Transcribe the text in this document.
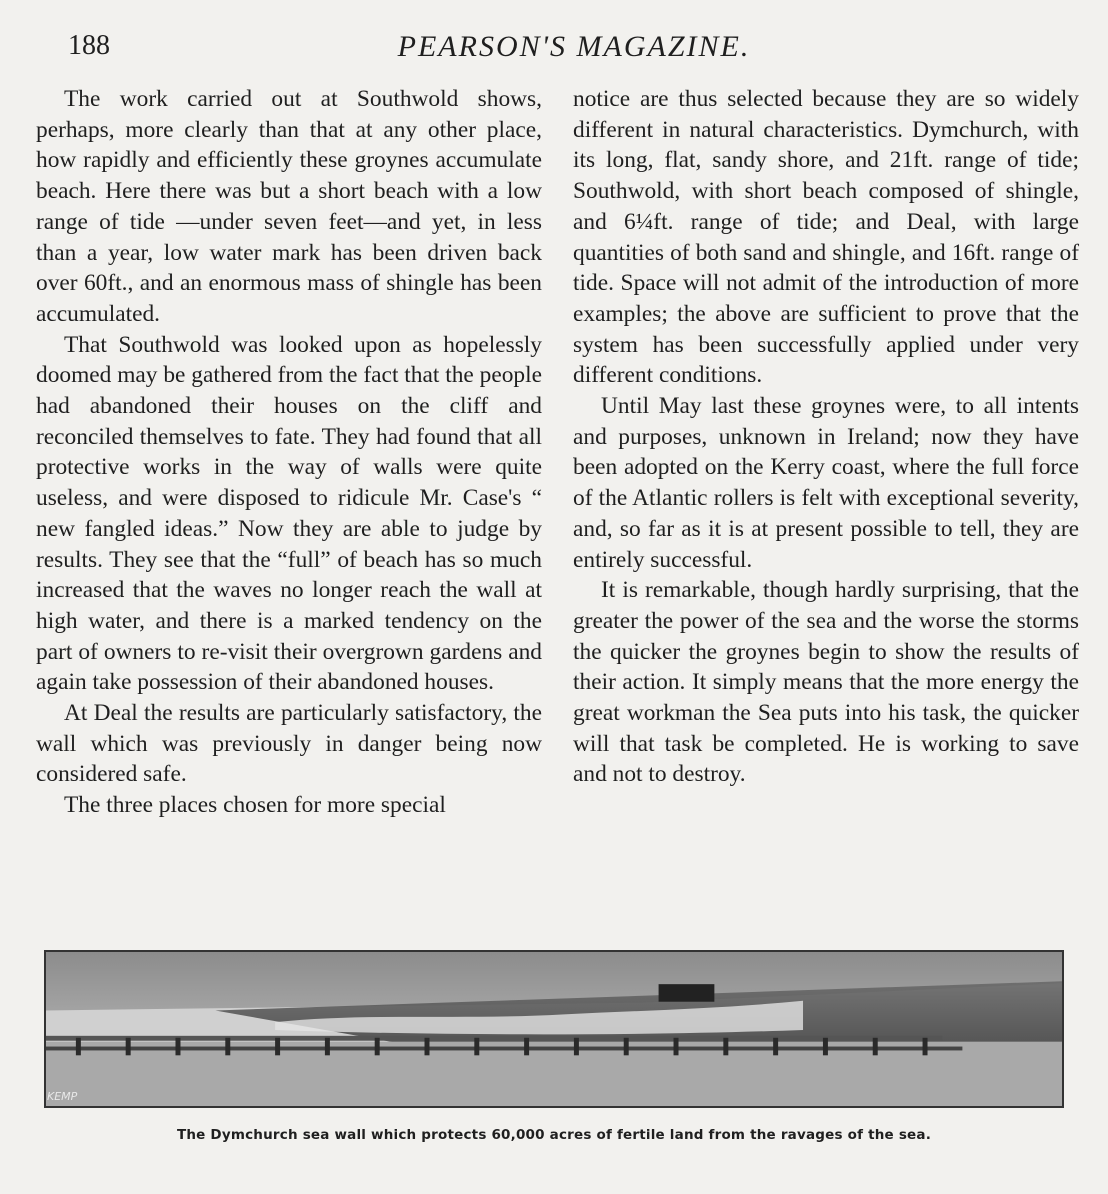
188	PEARSON'S MAGAZINE.

The work carried out at Southwold shows, perhaps, more clearly than that at any other place, how rapidly and efficiently these groynes accumulate beach. Here there was but a short beach with a low range of tide —under seven feet—and yet, in less than a year, low water mark has been driven back over 60ft., and an enormous mass of shingle has been accumulated.

That Southwold was looked upon as hopelessly doomed may be gathered from the fact that the people had abandoned their houses on the cliff and reconciled themselves to fate. They had found that all protective works in the way of walls were quite useless, and were disposed to ridicule Mr. Case's “ new fangled ideas.” Now they are able to judge by results. They see that the “full” of beach has so much increased that the waves no longer reach the wall at high water, and there is a marked tendency on the part of owners to re-visit their overgrown gardens and again take possession of their abandoned houses.

At Deal the results are particularly satisfactory, the wall which was previously in danger being now considered safe.

The three places chosen for more special

notice are thus selected because they are so widely different in natural characteristics. Dymchurch, with its long, flat, sandy shore, and 21ft. range of tide; Southwold, with short beach composed of shingle, and 6¼ft. range of tide; and Deal, with large quantities of both sand and shingle, and 16ft. range of tide. Space will not admit of the introduction of more examples; the above are sufficient to prove that the system has been successfully applied under very different conditions.

Until May last these groynes were, to all intents and purposes, unknown in Ireland; now they have been adopted on the Kerry coast, where the full force of the Atlantic rollers is felt with exceptional severity, and, so far as it is at present possible to tell, they are entirely successful.

It is remarkable, though hardly surprising, that the greater the power of the sea and the worse the storms the quicker the groynes begin to show the results of their action. It simply means that the more energy the great workman the Sea puts into his task, the quicker will that task be completed. He is working to save and not to destroy.

KEMP
The Dymchurch sea wall which protects 60,000 acres of fertile land from the ravages of the sea.
